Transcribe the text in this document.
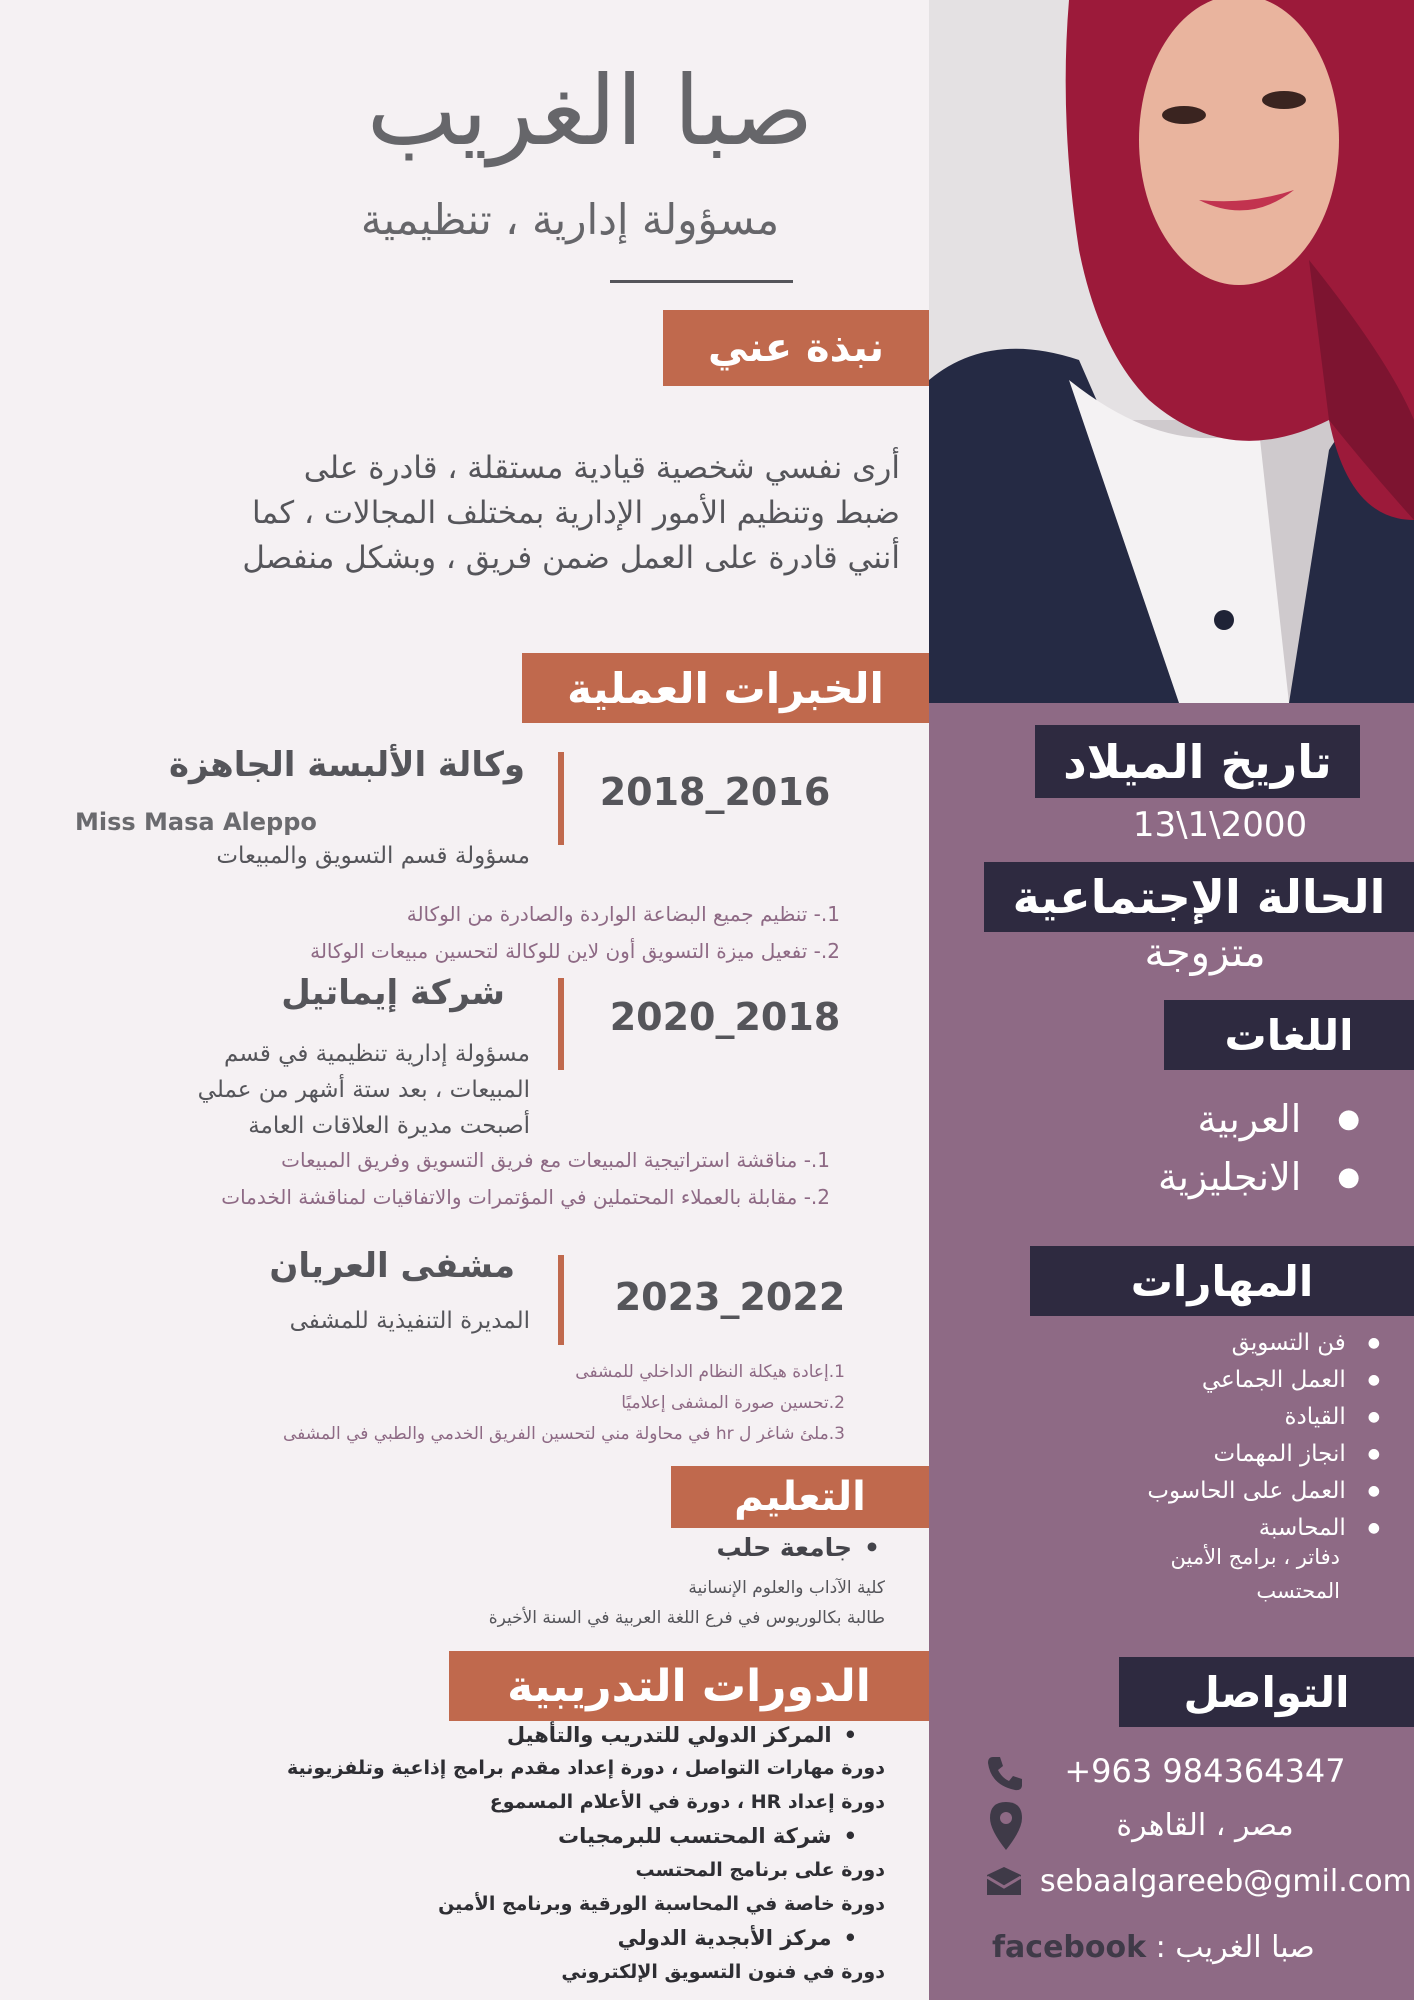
تاريخ الميلاد
13\1\2000
الحالة الإجتماعية
متزوجة
اللغات
●
العربية
●
الانجليزية
المهارات
●
فن التسويق
●
العمل الجماعي
●
القيادة
●
انجاز المهمات
●
العمل على الحاسوب
●
المحاسبة
دفاتر ، برامج الأمين
المحتسب
التواصل
+963 984364347
مصر ، القاهرة
sebaalgareeb@gmil.com
facebook : صبا الغريب
صبا الغريب
مسؤولة إدارية ، تنظيمية
نبذة عني
أرى نفسي شخصية قيادية مستقلة ، قادرة على
ضبط وتنظيم الأمور الإدارية بمختلف المجالات ، كما
أنني قادرة على العمل ضمن فريق ، وبشكل منفصل
الخبرات العملية
وكالة الألبسة الجاهزة
Miss Masa Aleppo
مسؤولة قسم التسويق والمبيعات
2018_2016
1.- تنظيم جميع البضاعة الواردة والصادرة من الوكالة
2.- تفعيل ميزة التسويق أون لاين للوكالة لتحسين مبيعات الوكالة
شركة إيماتيل
مسؤولة إدارية تنظيمية في قسم
المبيعات ، بعد ستة أشهر من عملي
أصبحت مديرة العلاقات العامة
2020_2018
1.- مناقشة استراتيجية المبيعات مع فريق التسويق وفريق المبيعات
2.- مقابلة بالعملاء المحتملين في المؤتمرات والاتفاقيات لمناقشة الخدمات
مشفى العريان
المديرة التنفيذية للمشفى
2023_2022
1.إعادة هيكلة النظام الداخلي للمشفى
2.تحسين صورة المشفى إعلاميًا
3.ملئ شاغر ل hr في محاولة مني لتحسين الفريق الخدمي والطبي في المشفى
التعليم
• جامعة حلب
كلية الآداب والعلوم الإنسانية
طالبة بكالوريوس في فرع اللغة العربية في السنة الأخيرة
الدورات التدريبية
• المركز الدولي للتدريب والتأهيل
دورة مهارات التواصل ، دورة إعداد مقدم برامج إذاعية وتلفزيونية
دورة إعداد HR ، دورة في الأعلام المسموع
• شركة المحتسب للبرمجيات
دورة على برنامج المحتسب
دورة خاصة في المحاسبة الورقية وبرنامج الأمين
• مركز الأبجدية الدولي
دورة في فنون التسويق الإلكتروني
